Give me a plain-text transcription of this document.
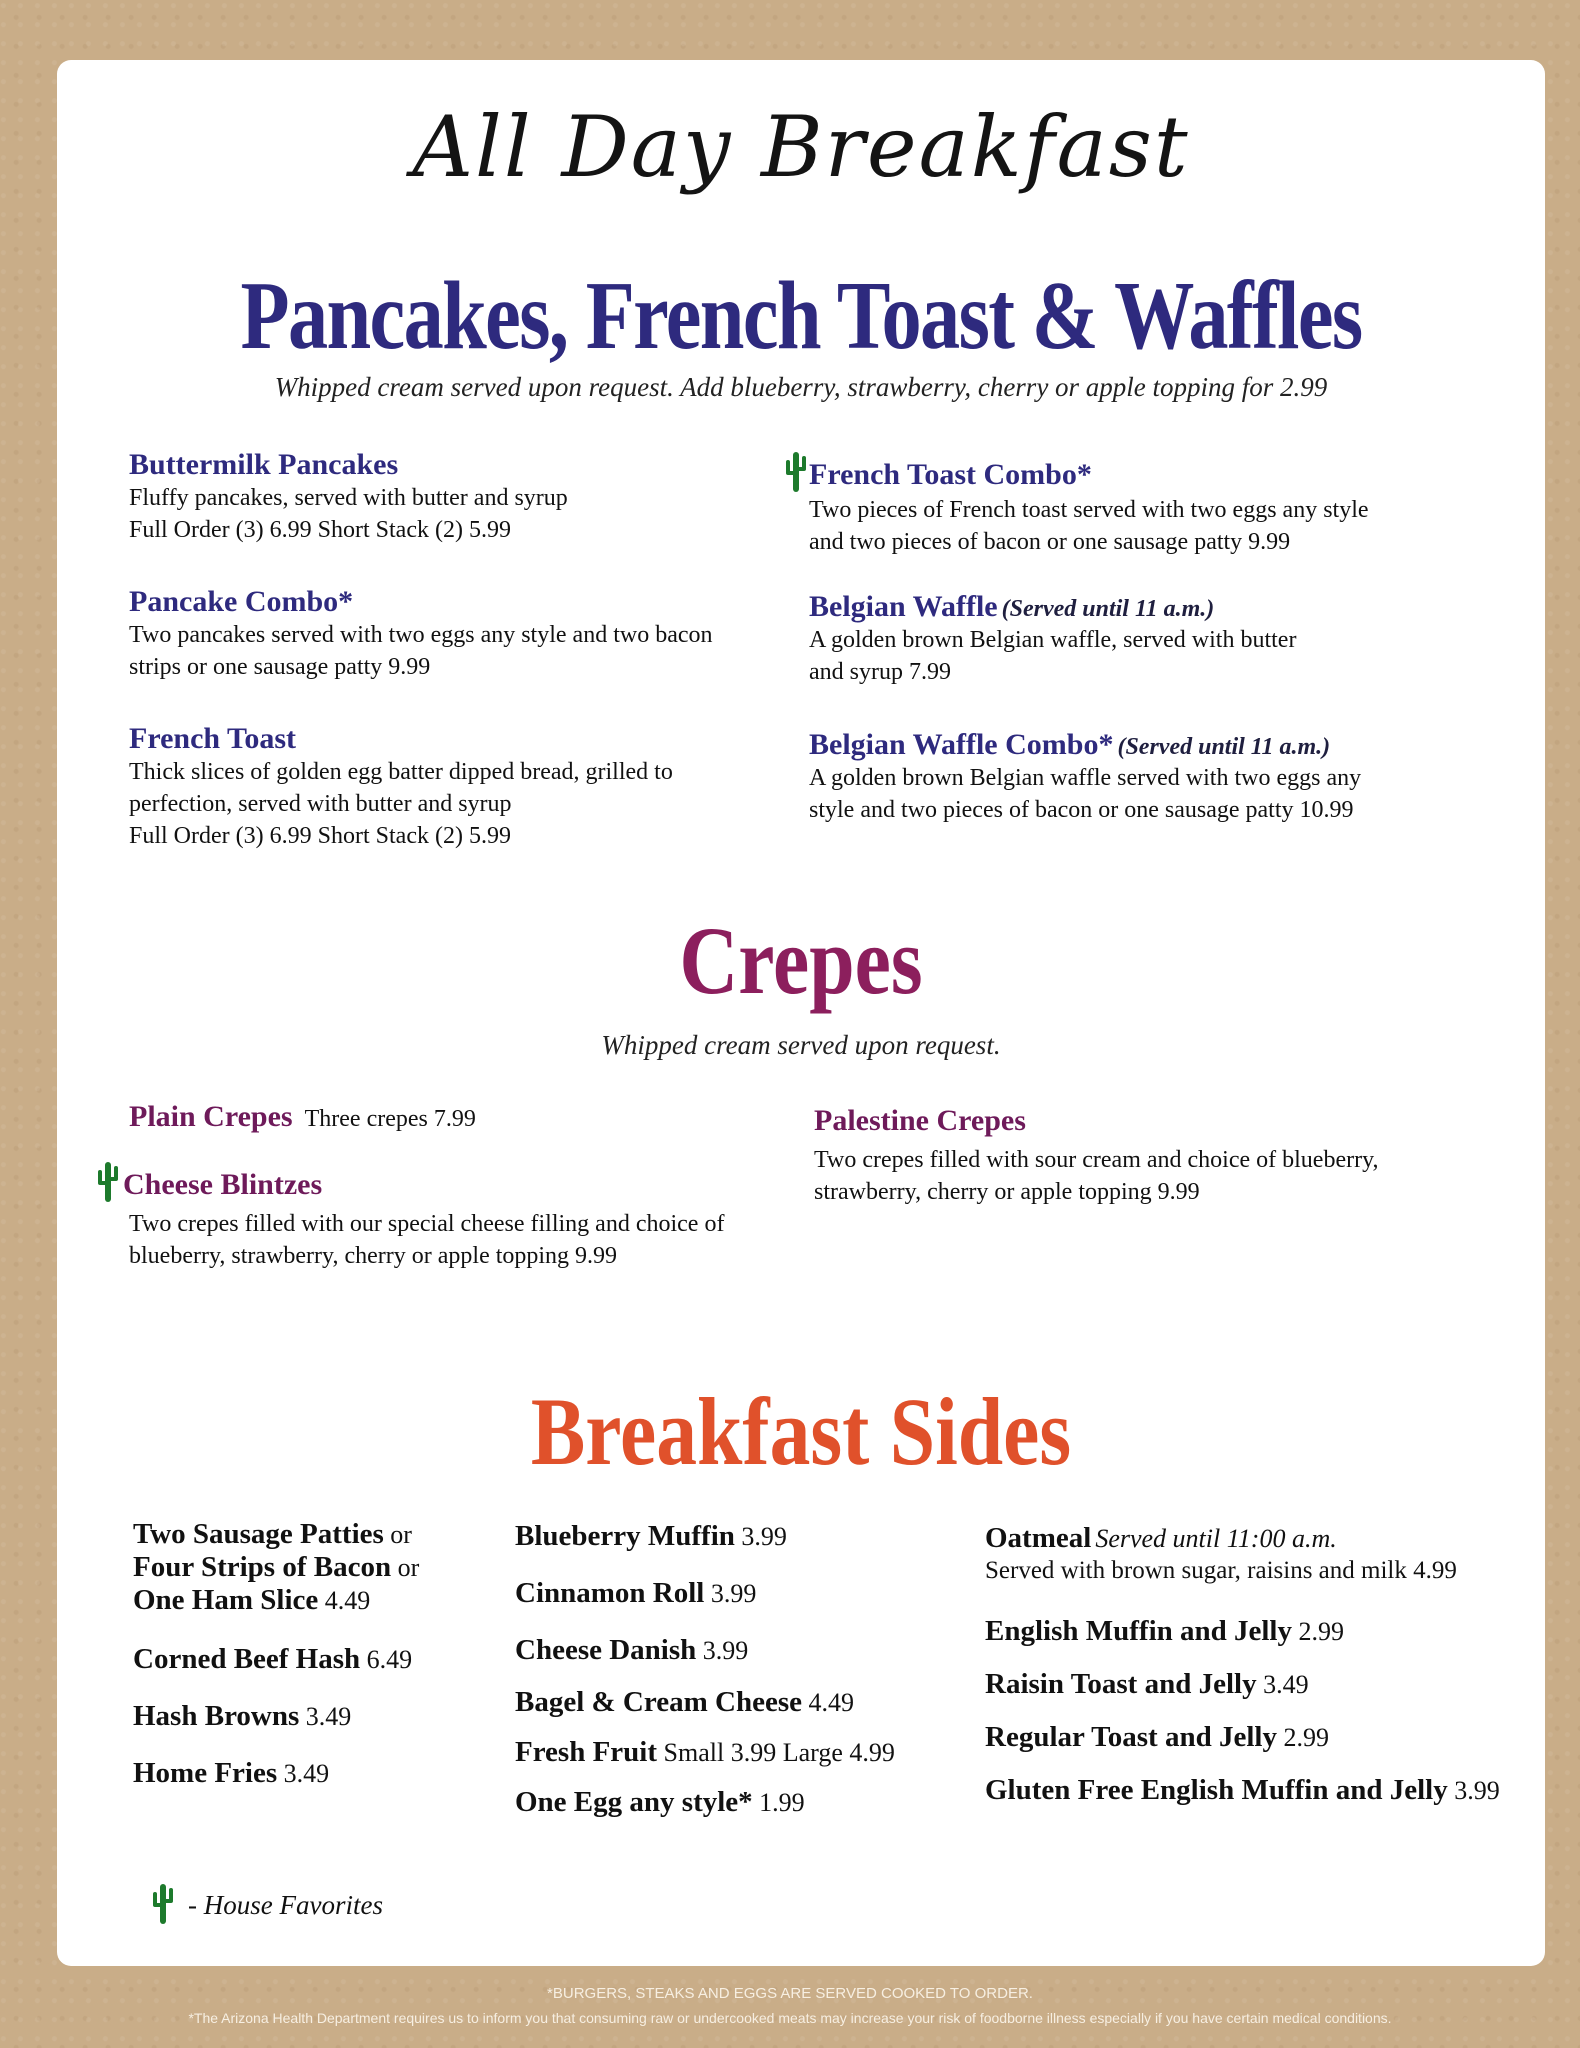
All Day Breakfast
Pancakes, French Toast & Waffles
Whipped cream served upon request. Add blueberry, strawberry, cherry or apple topping for 2.99
Buttermilk Pancakes
Fluffy pancakes, served with butter and syrup
Full Order (3) 6.99 Short Stack (2) 5.99
Pancake Combo*
Two pancakes served with two eggs any style and two bacon
strips or one sausage patty 9.99
French Toast
Thick slices of golden egg batter dipped bread, grilled to
perfection, served with butter and syrup
Full Order (3) 6.99 Short Stack (2) 5.99
French Toast Combo*
Two pieces of French toast served with two eggs any style
and two pieces of bacon or one sausage patty 9.99
Belgian Waffle (Served until 11 a.m.)
A golden brown Belgian waffle, served with butter
and syrup 7.99
Belgian Waffle Combo* (Served until 11 a.m.)
A golden brown Belgian waffle served with two eggs any
style and two pieces of bacon or one sausage patty 10.99
Crepes
Whipped cream served upon request.
Plain Crepes Three crepes 7.99
Cheese Blintzes
Two crepes filled with our special cheese filling and choice of
blueberry, strawberry, cherry or apple topping 9.99
Palestine Crepes
Two crepes filled with sour cream and choice of blueberry,
strawberry, cherry or apple topping 9.99
Breakfast Sides
Two Sausage Patties or
Four Strips of Bacon or
One Ham Slice 4.49
Corned Beef Hash 6.49
Hash Browns 3.49
Home Fries 3.49
Blueberry Muffin 3.99
Cinnamon Roll 3.99
Cheese Danish 3.99
Bagel & Cream Cheese 4.49
Fresh Fruit Small 3.99 Large 4.99
One Egg any style* 1.99
Oatmeal Served until 11:00 a.m.
Served with brown sugar, raisins and milk 4.99
English Muffin and Jelly 2.99
Raisin Toast and Jelly 3.49
Regular Toast and Jelly 2.99
Gluten Free English Muffin and Jelly 3.99
- House Favorites
*BURGERS, STEAKS AND EGGS ARE SERVED COOKED TO ORDER.
*The Arizona Health Department requires us to inform you that consuming raw or undercooked meats may increase your risk of foodborne illness especially if you have certain medical conditions.
